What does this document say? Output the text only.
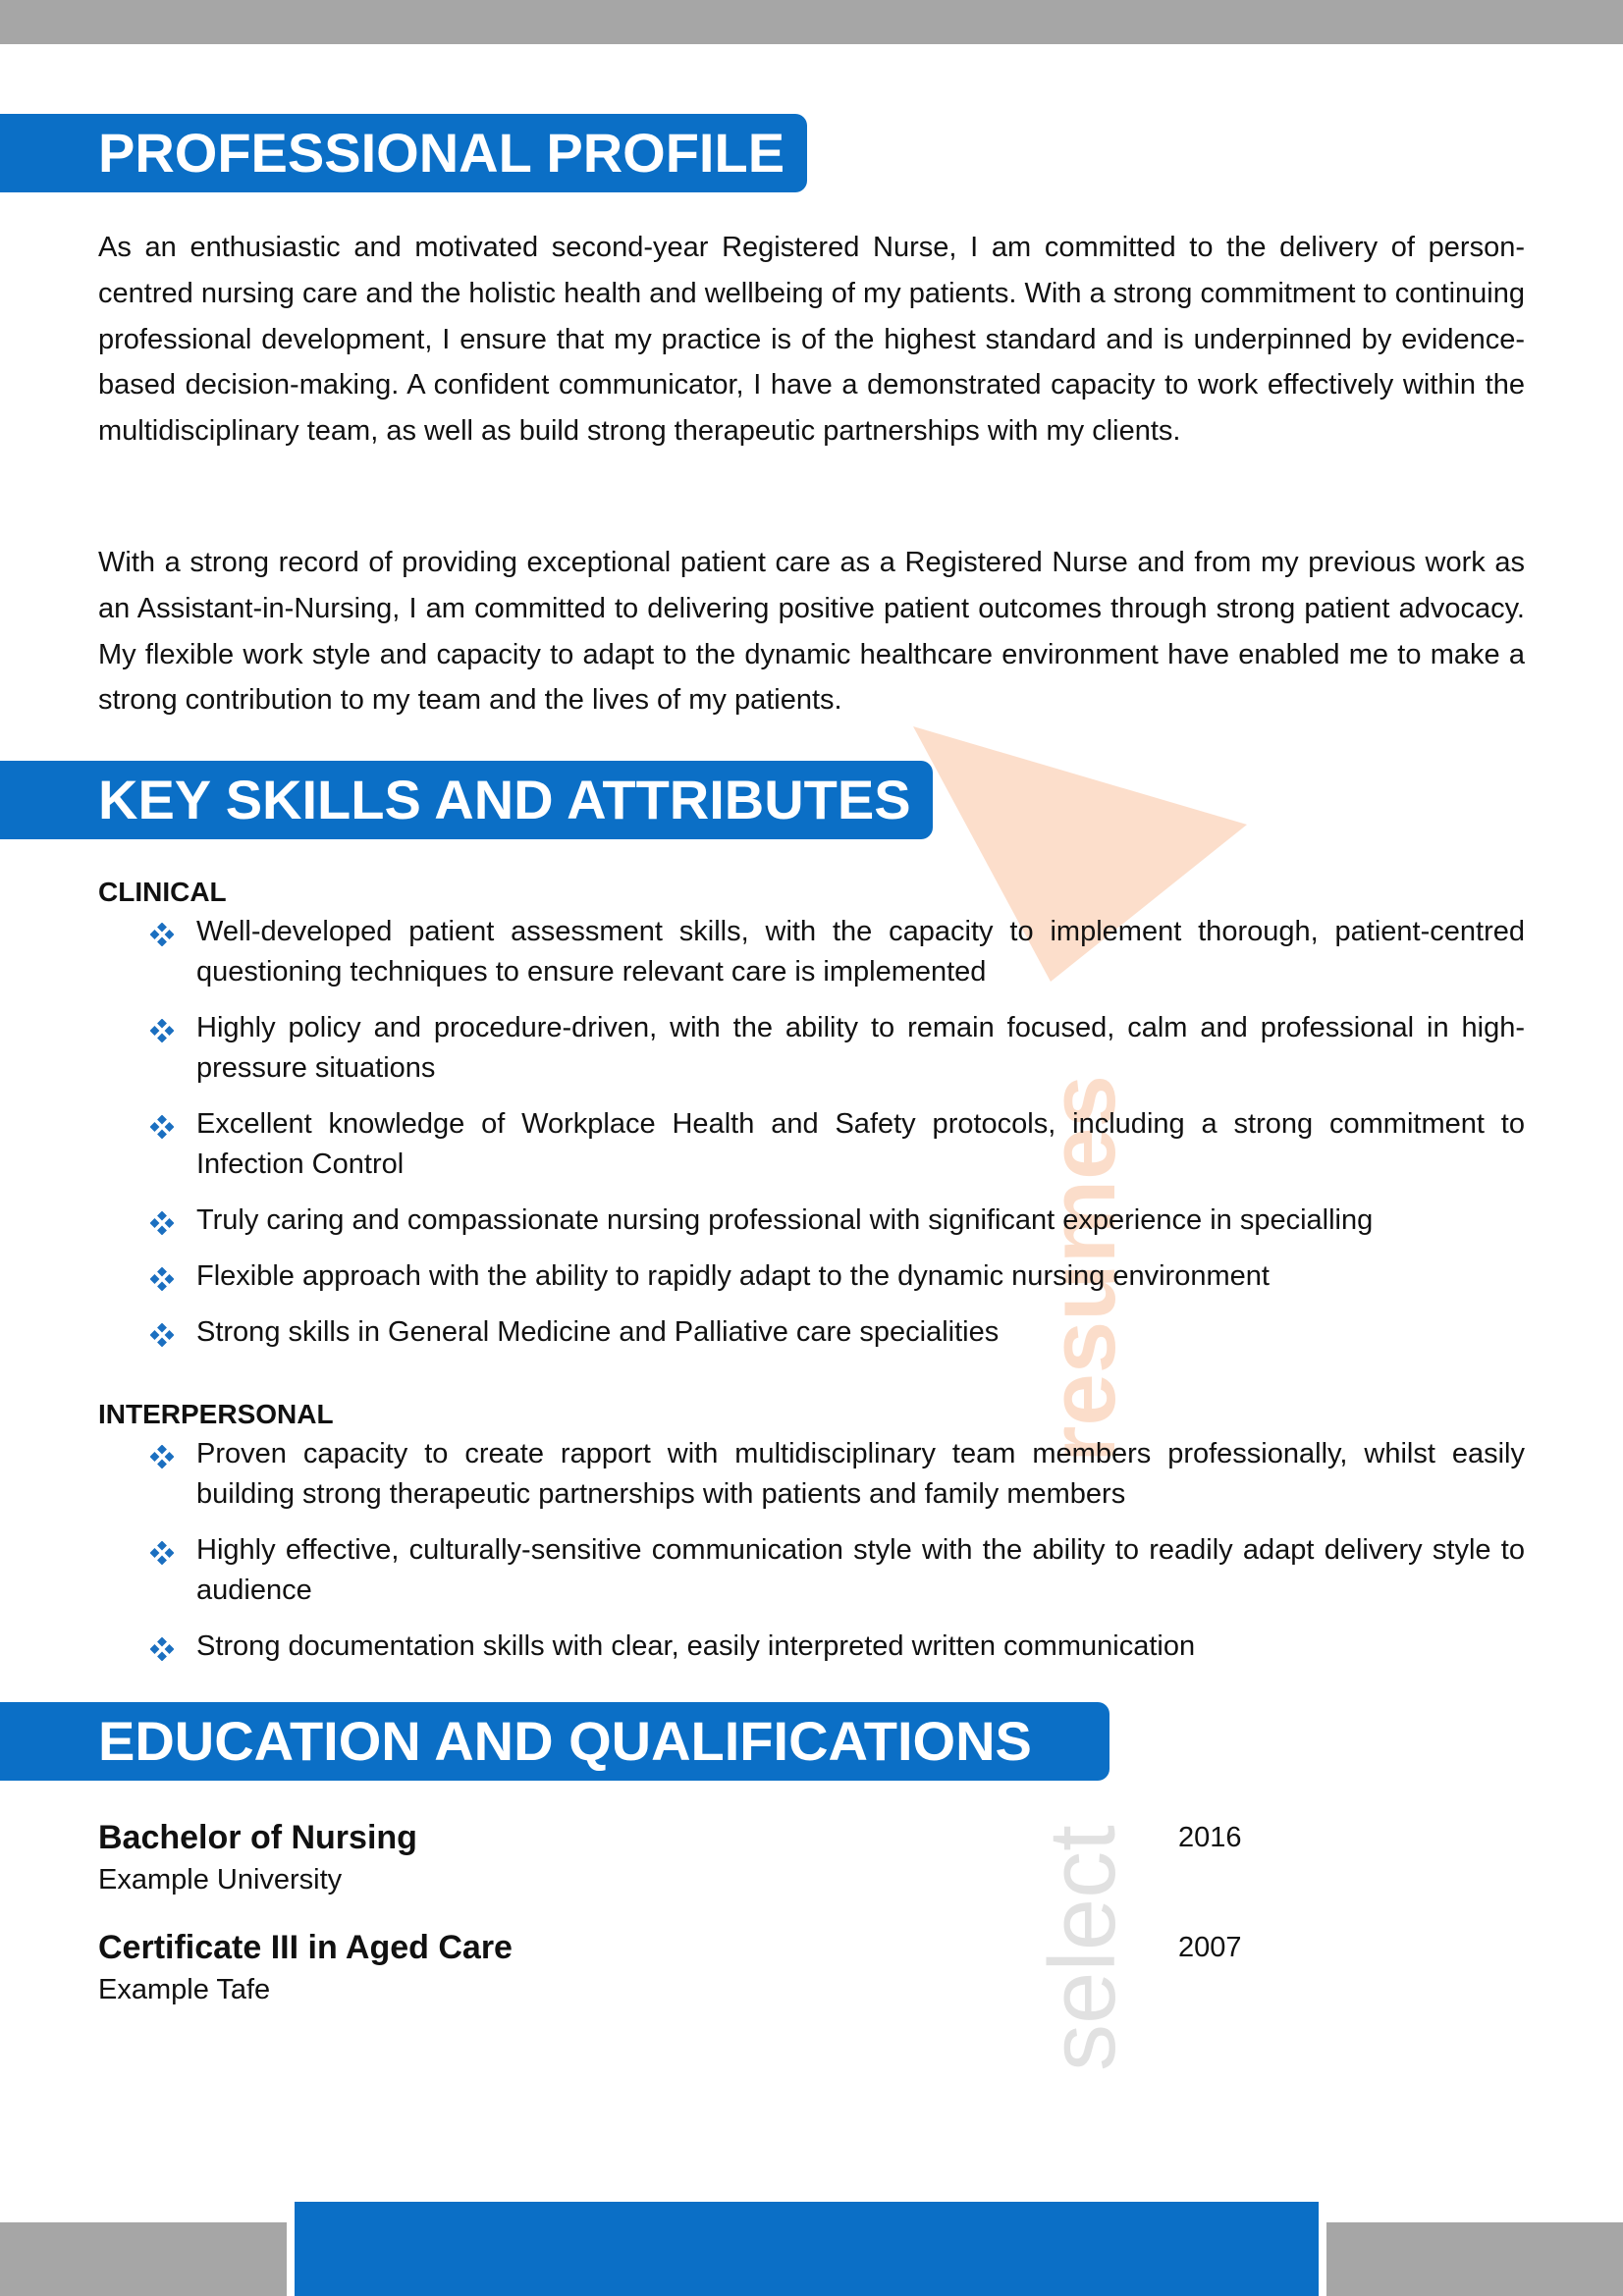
select
resumes
PROFESSIONAL PROFILE

As an enthusiastic and motivated second-year Registered Nurse, I am committed to the delivery of person-centred nursing care and the holistic health and wellbeing of my patients. With a strong commitment to continuing professional development, I ensure that my practice is of the highest standard and is underpinned by evidence-based decision-making. A confident communicator, I have a demonstrated capacity to work effectively within the multidisciplinary team, as well as build strong therapeutic partnerships with my clients.

With a strong record of providing exceptional patient care as a Registered Nurse and from my previous work as an Assistant-in-Nursing, I am committed to delivering positive patient outcomes through strong patient advocacy. My flexible work style and capacity to adapt to the dynamic healthcare environment have enabled me to make a strong contribution to my team and the lives of my patients.

KEY SKILLS AND ATTRIBUTES
CLINICAL
Well-developed patient assessment skills, with the capacity to implement thorough, patient-centred questioning techniques to ensure relevant care is implemented
Highly policy and procedure-driven, with the ability to remain focused, calm and professional in high-pressure situations
Excellent knowledge of Workplace Health and Safety protocols, including a strong commitment to Infection Control
Truly caring and compassionate nursing professional with significant experience in specialling
Flexible approach with the ability to rapidly adapt to the dynamic nursing environment
Strong skills in General Medicine and Palliative care specialities
INTERPERSONAL
Proven capacity to create rapport with multidisciplinary team members professionally, whilst easily building strong therapeutic partnerships with patients and family members
Highly effective, culturally-sensitive communication style with the ability to readily adapt delivery style to audience
Strong documentation skills with clear, easily interpreted written communication
EDUCATION AND QUALIFICATIONS
Bachelor of Nursing	2016
Example University
Certificate III in Aged Care	2007
Example Tafe
